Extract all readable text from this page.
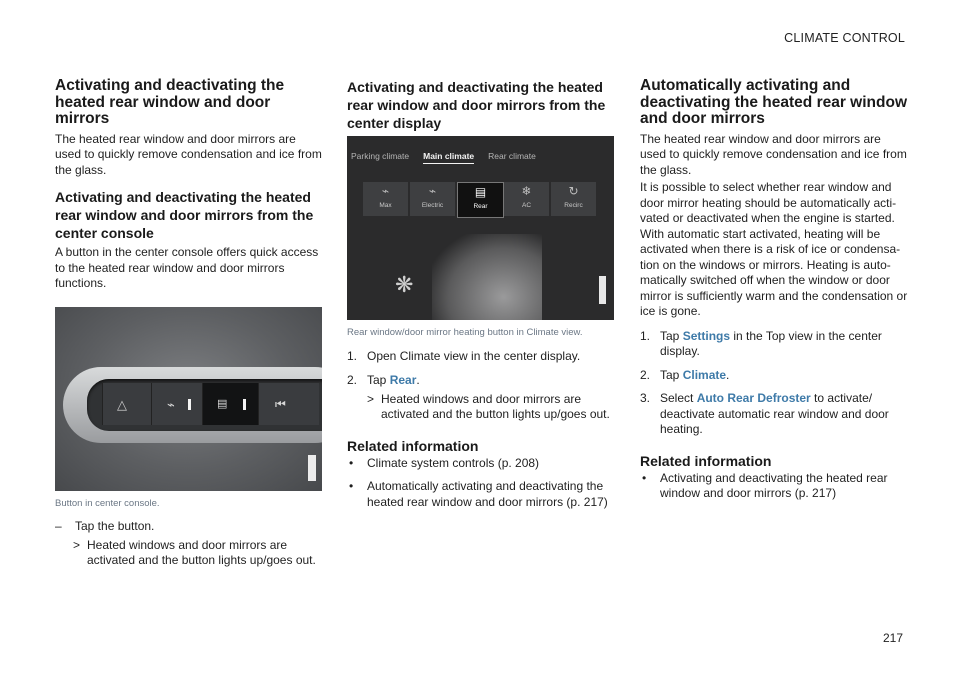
CLIMATE CONTROL
Activating and deactivating the heated rear window and door mirrors

The heated rear window and door mirrors are used to quickly remove condensation and ice from the glass.

Activating and deactivating the heated rear window and door mirrors from the center console

A button in the center console offers quick access to the heated rear window and door mirrors functions.

△	⌁	▤	⏮

Button in center console.

–	Tap the button.
> Heated windows and door mirrors are activated and the button lights up/goes out.
Activating and deactivating the heated rear window and door mirrors from the center display
Parking climate Main climate Rear climate
⌁
Max
⌁
Electric
▤
Rear
❄
AC
↻
Recirc
❋

Rear window/door mirror heating button in Climate view.

1. Open Climate view in the center display.
2. Tap Rear.
> Heated windows and door mirrors are activated and the button lights up/goes out.
Related information
•	Climate system controls (p. 208)
•	Automatically activating and deactivating the heated rear window and door mirrors (p. 217)
Automatically activating and deactivating the heated rear window and door mirrors

The heated rear window and door mirrors are used to quickly remove condensation and ice from the glass.

It is possible to select whether rear window and door mirror heating should be automatically acti-vated or deactivated when the engine is started. With automatic start activated, heating will be activated when there is a risk of ice or condensa-tion on the windows or mirrors. Heating is auto-matically switched off when the window or door mirror is sufficiently warm and the condensation or ice is gone.

1. Tap Settings in the Top view in the center display.
2. Tap Climate.
3. Select Auto Rear Defroster to activate/ deactivate automatic rear window and door heating.
Related information
•	Activating and deactivating the heated rear window and door mirrors (p. 217)
217
